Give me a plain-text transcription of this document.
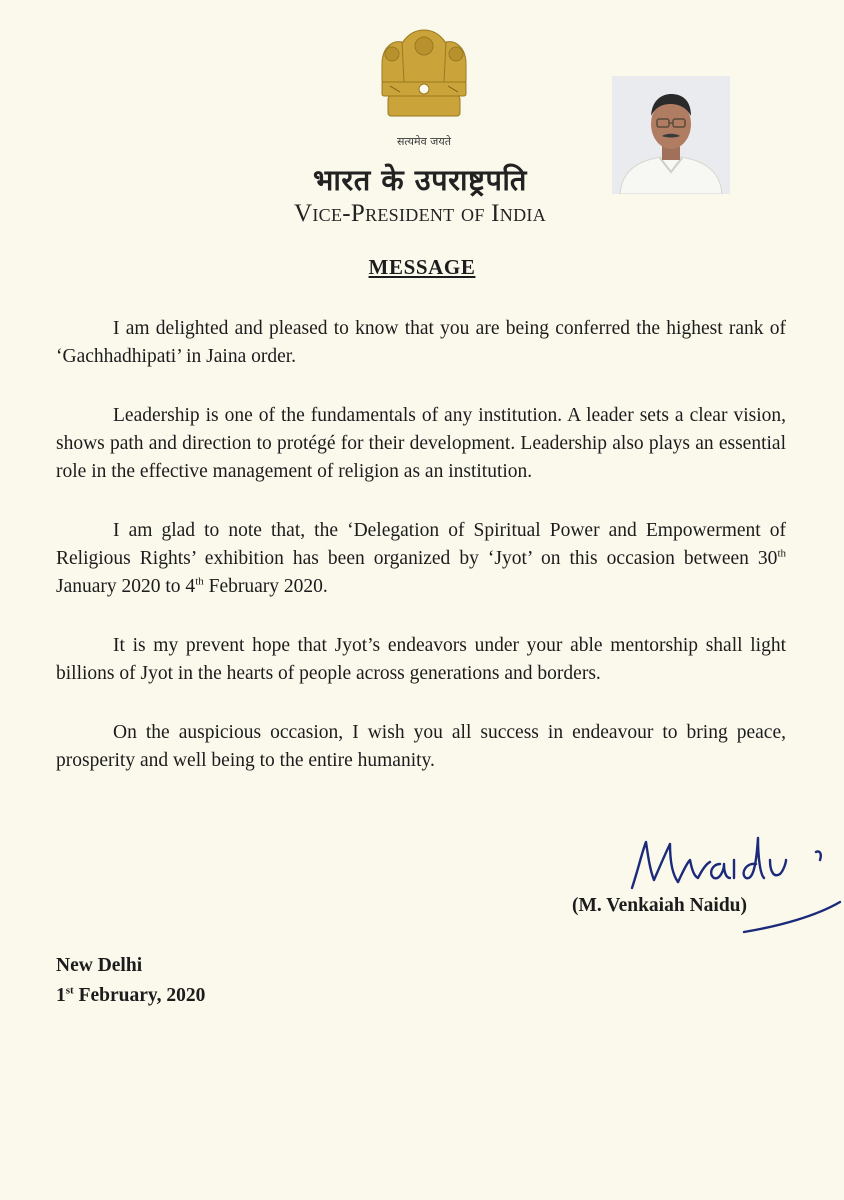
सत्यमेव जयते
भारत के उपराष्ट्रपति
Vice-President of India
MESSAGE

I am delighted and pleased to know that you are being conferred the highest rank of ‘Gachhadhipati’ in Jaina order.

Leadership is one of the fundamentals of any institution. A leader sets a clear vision, shows path and direction to protégé for their development. Leadership also plays an essential role in the effective management of religion as an institution.

I am glad to note that, the ‘Delegation of Spiritual Power and Empowerment of Religious Rights’ exhibition has been organized by ‘Jyot’ on this occasion between 30th January 2020 to 4th February 2020.

It is my prevent hope that Jyot’s endeavors under your able mentorship shall light billions of Jyot in the hearts of people across generations and borders.

On the auspicious occasion, I wish you all success in endeavour to bring peace, prosperity and well being to the entire humanity.

(M. Venkaiah Naidu)
New Delhi
1st February, 2020
